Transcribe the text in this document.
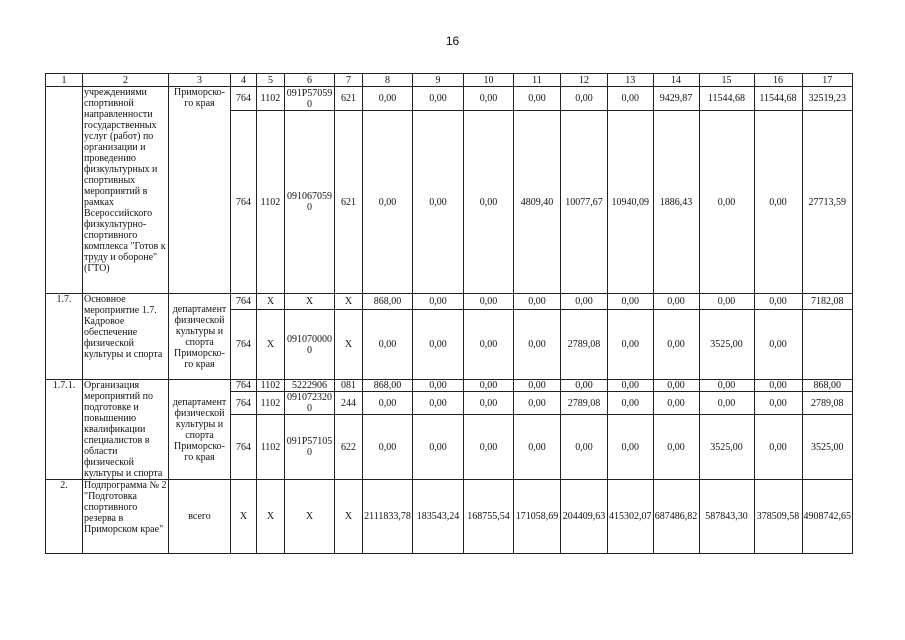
16
1	2	3	4	5	6	7	8	9	10	11	12	13	14	15	16	17
	учреждениями спортивной направленности государственных услуг (работ) по организации и проведению физкультурных и спортивных мероприятий в рамках Всероссийского физкультурно-спортивного комплекса "Готов к труду и обороне" (ГТО)	Приморско-го края	764	1102	091P570590	621	0,00	0,00	0,00	0,00	0,00	0,00	9429,87	11544,68	11544,68	32519,23
			764	1102	0910670590	621	0,00	0,00	0,00	4809,40	10077,67	10940,09	1886,43	0,00	0,00	27713,59
1.7.	Основное мероприятие 1.7. Кадровое обеспечение физической культуры и спорта	департамент физической культуры и спорта Приморско-го края	764	X	X	X	868,00	0,00	0,00	0,00	0,00	0,00	0,00	0,00	0,00	7182,08
			764	X	0910700000	X	0,00	0,00	0,00	0,00	2789,08	0,00	0,00	3525,00	0,00	
1.7.1.	Организация мероприятий по подготовке и повышению квалификации специалистов в области физической культуры и спорта	департамент физической культуры и спорта Приморско-го края	764	1102	5222906	081	868,00	0,00	0,00	0,00	0,00	0,00	0,00	0,00	0,00	868,00
			764	1102	0910723200	244	0,00	0,00	0,00	0,00	2789,08	0,00	0,00	0,00	0,00	2789,08
			764	1102	091P571050	622	0,00	0,00	0,00	0,00	0,00	0,00	0,00	3525,00	0,00	3525,00
2.	Подпрограмма № 2 "Подготовка спортивного резерва в Приморском крае"	всего	X	X	X	X	2111833,78	183543,24	168755,54	171058,69	204409,63	415302,07	687486,82	587843,30	378509,58	4908742,65
